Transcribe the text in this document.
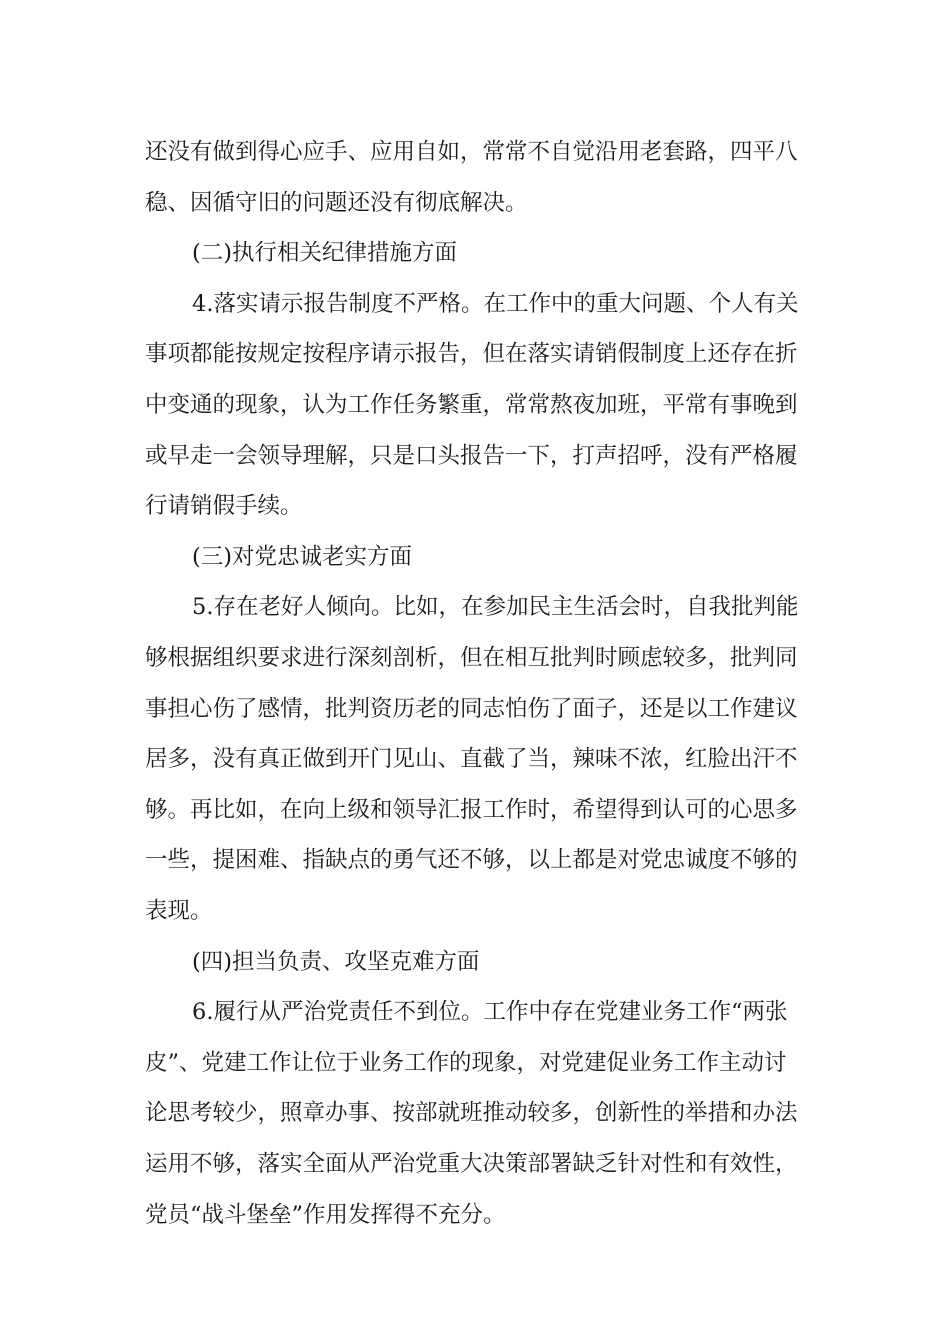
还没有做到得心应手、应用自如，常常不自觉沿用老套路，四平八
稳、因循守旧的问题还没有彻底解决。
(二)执行相关纪律措施方面
4.落实请示报告制度不严格。在工作中的重大问题、个人有关
事项都能按规定按程序请示报告，但在落实请销假制度上还存在折
中变通的现象，认为工作任务繁重，常常熬夜加班，平常有事晚到
或早走一会领导理解，只是口头报告一下，打声招呼，没有严格履
行请销假手续。
(三)对党忠诚老实方面
5.存在老好人倾向。比如，在参加民主生活会时，自我批判能
够根据组织要求进行深刻剖析，但在相互批判时顾虑较多，批判同
事担心伤了感情，批判资历老的同志怕伤了面子，还是以工作建议
居多，没有真正做到开门见山、直截了当，辣味不浓，红脸出汗不
够。再比如，在向上级和领导汇报工作时，希望得到认可的心思多
一些，提困难、指缺点的勇气还不够，以上都是对党忠诚度不够的
表现。
(四)担当负责、攻坚克难方面
6.履行从严治党责任不到位。工作中存在党建业务工作“两张
皮”、党建工作让位于业务工作的现象，对党建促业务工作主动讨
论思考较少，照章办事、按部就班推动较多，创新性的举措和办法
运用不够，落实全面从严治党重大决策部署缺乏针对性和有效性，
党员“战斗堡垒”作用发挥得不充分。
